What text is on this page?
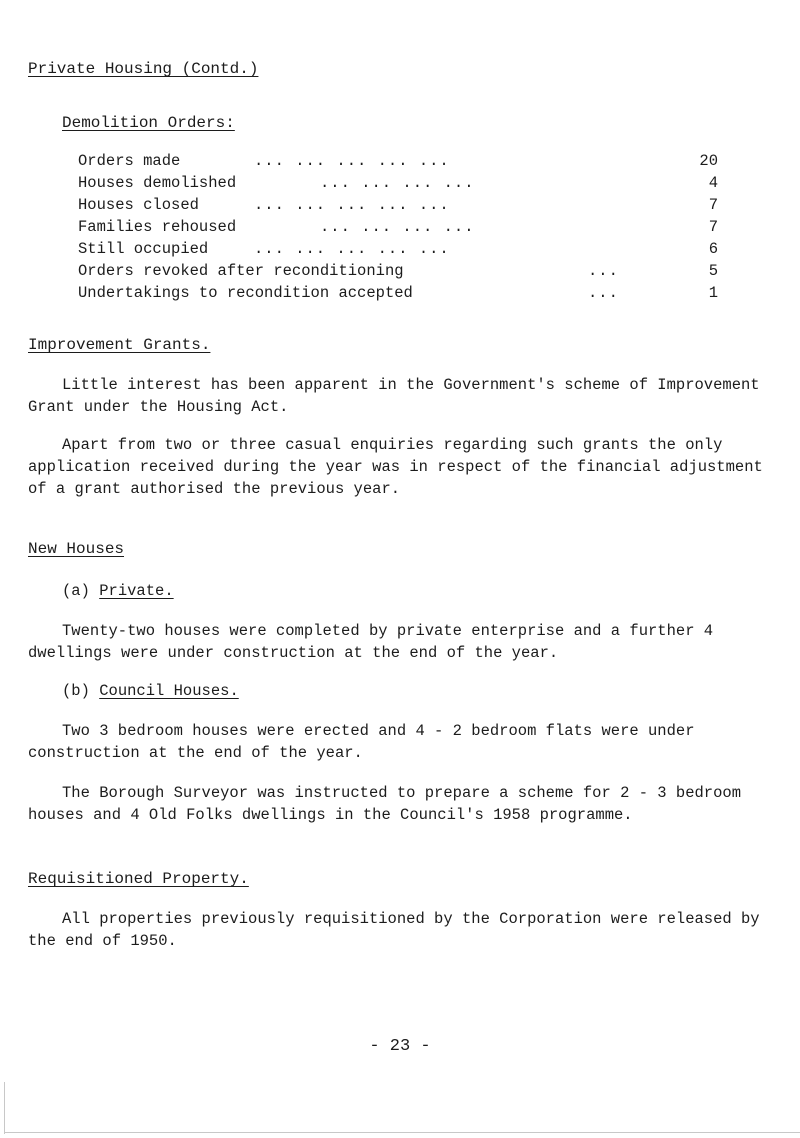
Private Housing (Contd.)
Demolition Orders:
Orders made	... ... ... ... ...	20
Houses demolished	... ... ... ...	4
Houses closed	... ... ... ... ...	7
Families rehoused	... ... ... ...	7
Still occupied	... ... ... ... ...	6
Orders revoked after reconditioning	...	5
Undertakings to recondition accepted	...	1
Improvement Grants.
Little interest has been apparent in the Government's scheme of Improvement Grant under the Housing Act.
Apart from two or three casual enquiries regarding such grants the only application received during the year was in respect of the financial adjustment of a grant authorised the previous year.
New Houses
(a) Private.
Twenty-two houses were completed by private enterprise and a further 4 dwellings were under construction at the end of the year.
(b) Council Houses.
Two 3 bedroom houses were erected and 4 - 2 bedroom flats were under construction at the end of the year.
The Borough Surveyor was instructed to prepare a scheme for 2 - 3 bedroom houses and 4 Old Folks dwellings in the Council's 1958 programme.
Requisitioned Property.
All properties previously requisitioned by the Corporation were released by the end of 1950.
- 23 -
